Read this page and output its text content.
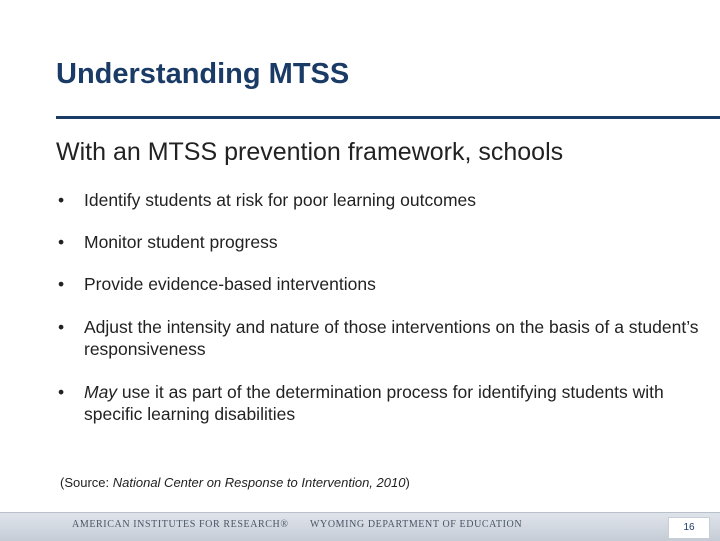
Understanding MTSS
With an MTSS prevention framework, schools
• Identify students at risk for poor learning outcomes
• Monitor student progress
• Provide evidence-based interventions
• Adjust the intensity and nature of those interventions on the basis of a student’s responsiveness
• May use it as part of the determination process for identifying students with specific learning disabilities
(Source: National Center on Response to Intervention, 2010)
AMERICAN INSTITUTES FOR RESEARCH® WYOMING DEPARTMENT OF EDUCATION	16
